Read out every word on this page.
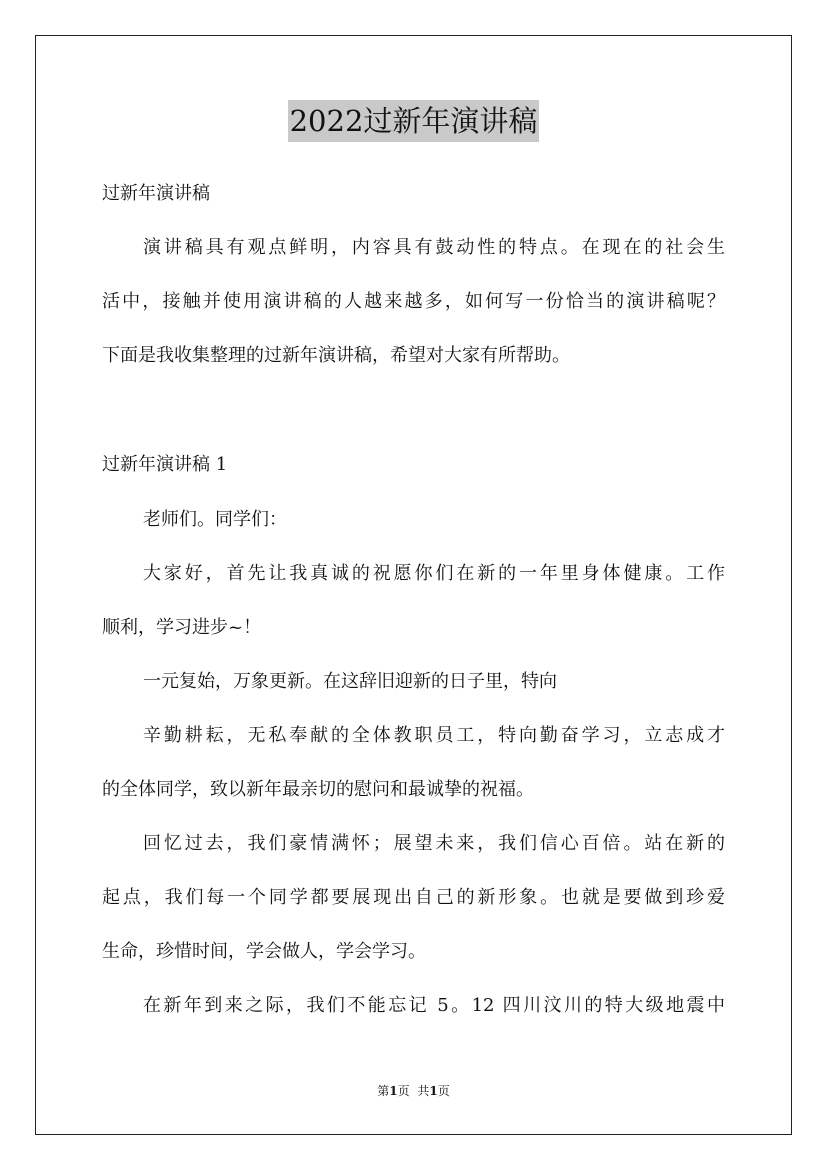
2022过新年演讲稿
过新年演讲稿
演讲稿具有观点鲜明，内容具有鼓动性的特点。在现在的社会生
活中，接触并使用演讲稿的人越来越多，如何写一份恰当的演讲稿呢？
下面是我收集整理的过新年演讲稿，希望对大家有所帮助。
过新年演讲稿 1
老师们。同学们：
大家好，首先让我真诚的祝愿你们在新的一年里身体健康。工作
顺利，学习进步~！
一元复始，万象更新。在这辞旧迎新的日子里，特向
辛勤耕耘，无私奉献的全体教职员工，特向勤奋学习，立志成才
的全体同学，致以新年最亲切的慰问和最诚挚的祝福。
回忆过去，我们豪情满怀；展望未来，我们信心百倍。站在新的
起点，我们每一个同学都要展现出自己的新形象。也就是要做到珍爱
生命，珍惜时间，学会做人，学会学习。
在新年到来之际，我们不能忘记 5。12 四川汶川的特大级地震中
第1页 共1页
